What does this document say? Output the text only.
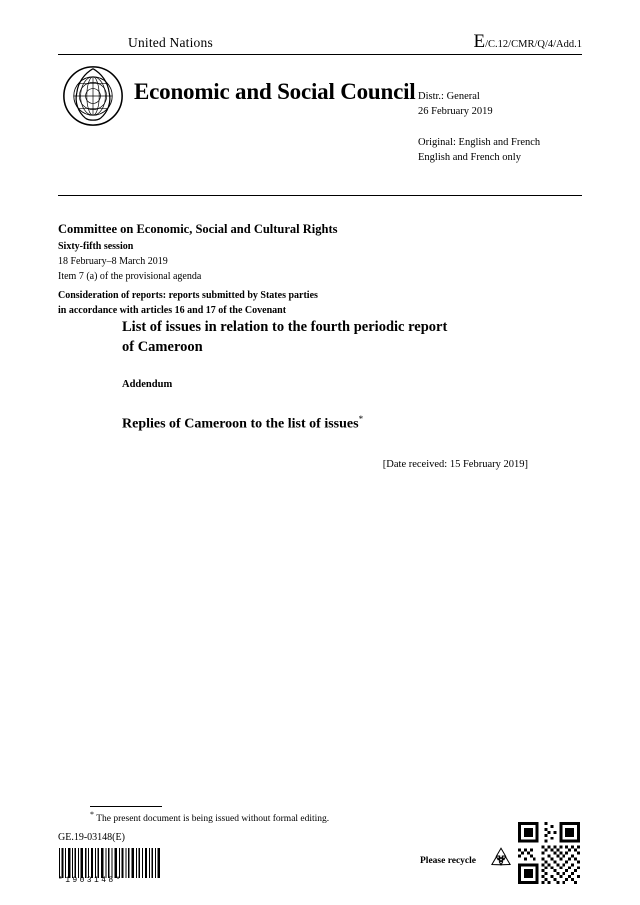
United Nations	E/C.12/CMR/Q/4/Add.1
Economic and Social Council Distr.: General
26 February 2019
Original: English and French
English and French only
Committee on Economic, Social and Cultural Rights
Sixty-fifth session
18 February–8 March 2019
Item 7 (a) of the provisional agenda
Consideration of reports: reports submitted by States parties
in accordance with articles 16 and 17 of the Covenant
List of issues in relation to the fourth periodic report
of Cameroon
Addendum
Replies of Cameroon to the list of issues*
[Date received: 15 February 2019]
* The present document is being issued without formal editing.
GE.19-03148(E)
*1903148*
Please recycle
